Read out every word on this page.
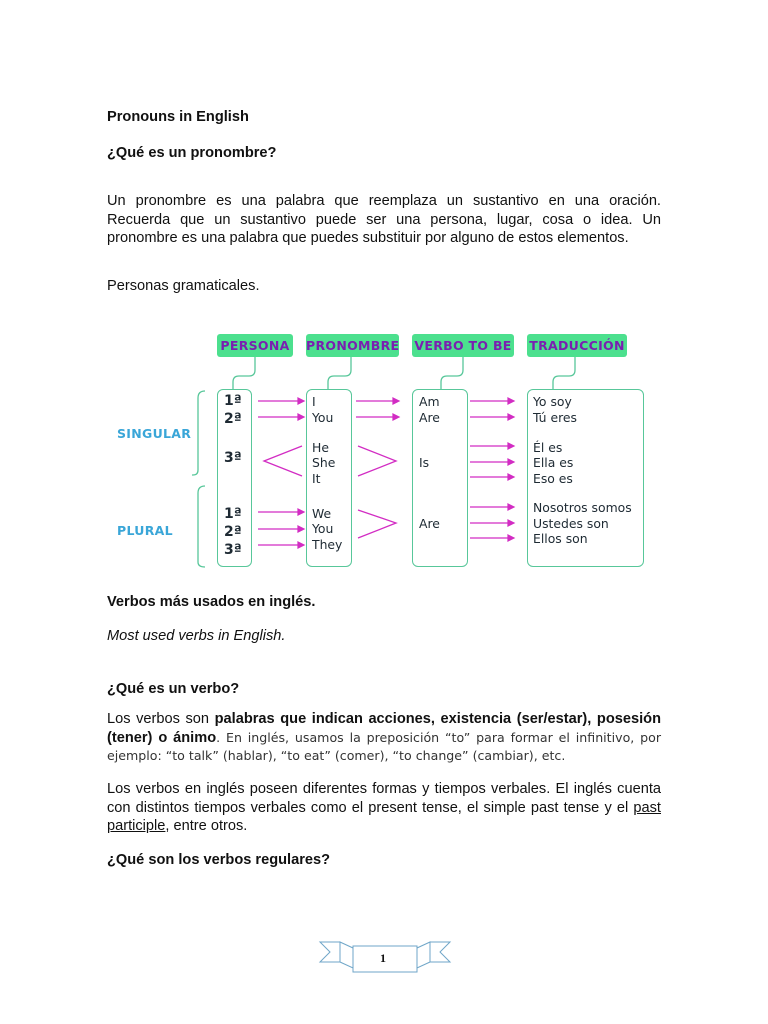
Pronouns in English
¿Qué es un pronombre?
Un pronombre es una palabra que reemplaza un sustantivo en una oración. Recuerda que un sustantivo puede ser una persona, lugar, cosa o idea. Un pronombre es una palabra que puedes substituir por alguno de estos elementos.
Personas gramaticales.
PERSONA PRONOMBRE VERBO TO BE TRADUCCIÓN
SINGULAR
PLURAL
1ª
2ª
3ª
1ª
2ª
3ª
I
You
He
She
It
We
You
They
Am
Are
Is
Are
Yo soy
Tú eres
Él es
Ella es
Eso es
Nosotros somos
Ustedes son
Ellos son
Verbos más usados en inglés.
Most used verbs in English.
¿Qué es un verbo?
Los verbos son palabras que indican acciones, existencia (ser/estar), posesión (tener) o ánimo. En inglés, usamos la preposición “to” para formar el infinitivo, por ejemplo: “to talk” (hablar), “to eat” (comer), “to change” (cambiar), etc.
Los verbos en inglés poseen diferentes formas y tiempos verbales. El inglés cuenta con distintos tiempos verbales como el present tense, el simple past tense y el past participle, entre otros.
¿Qué son los verbos regulares?
1
